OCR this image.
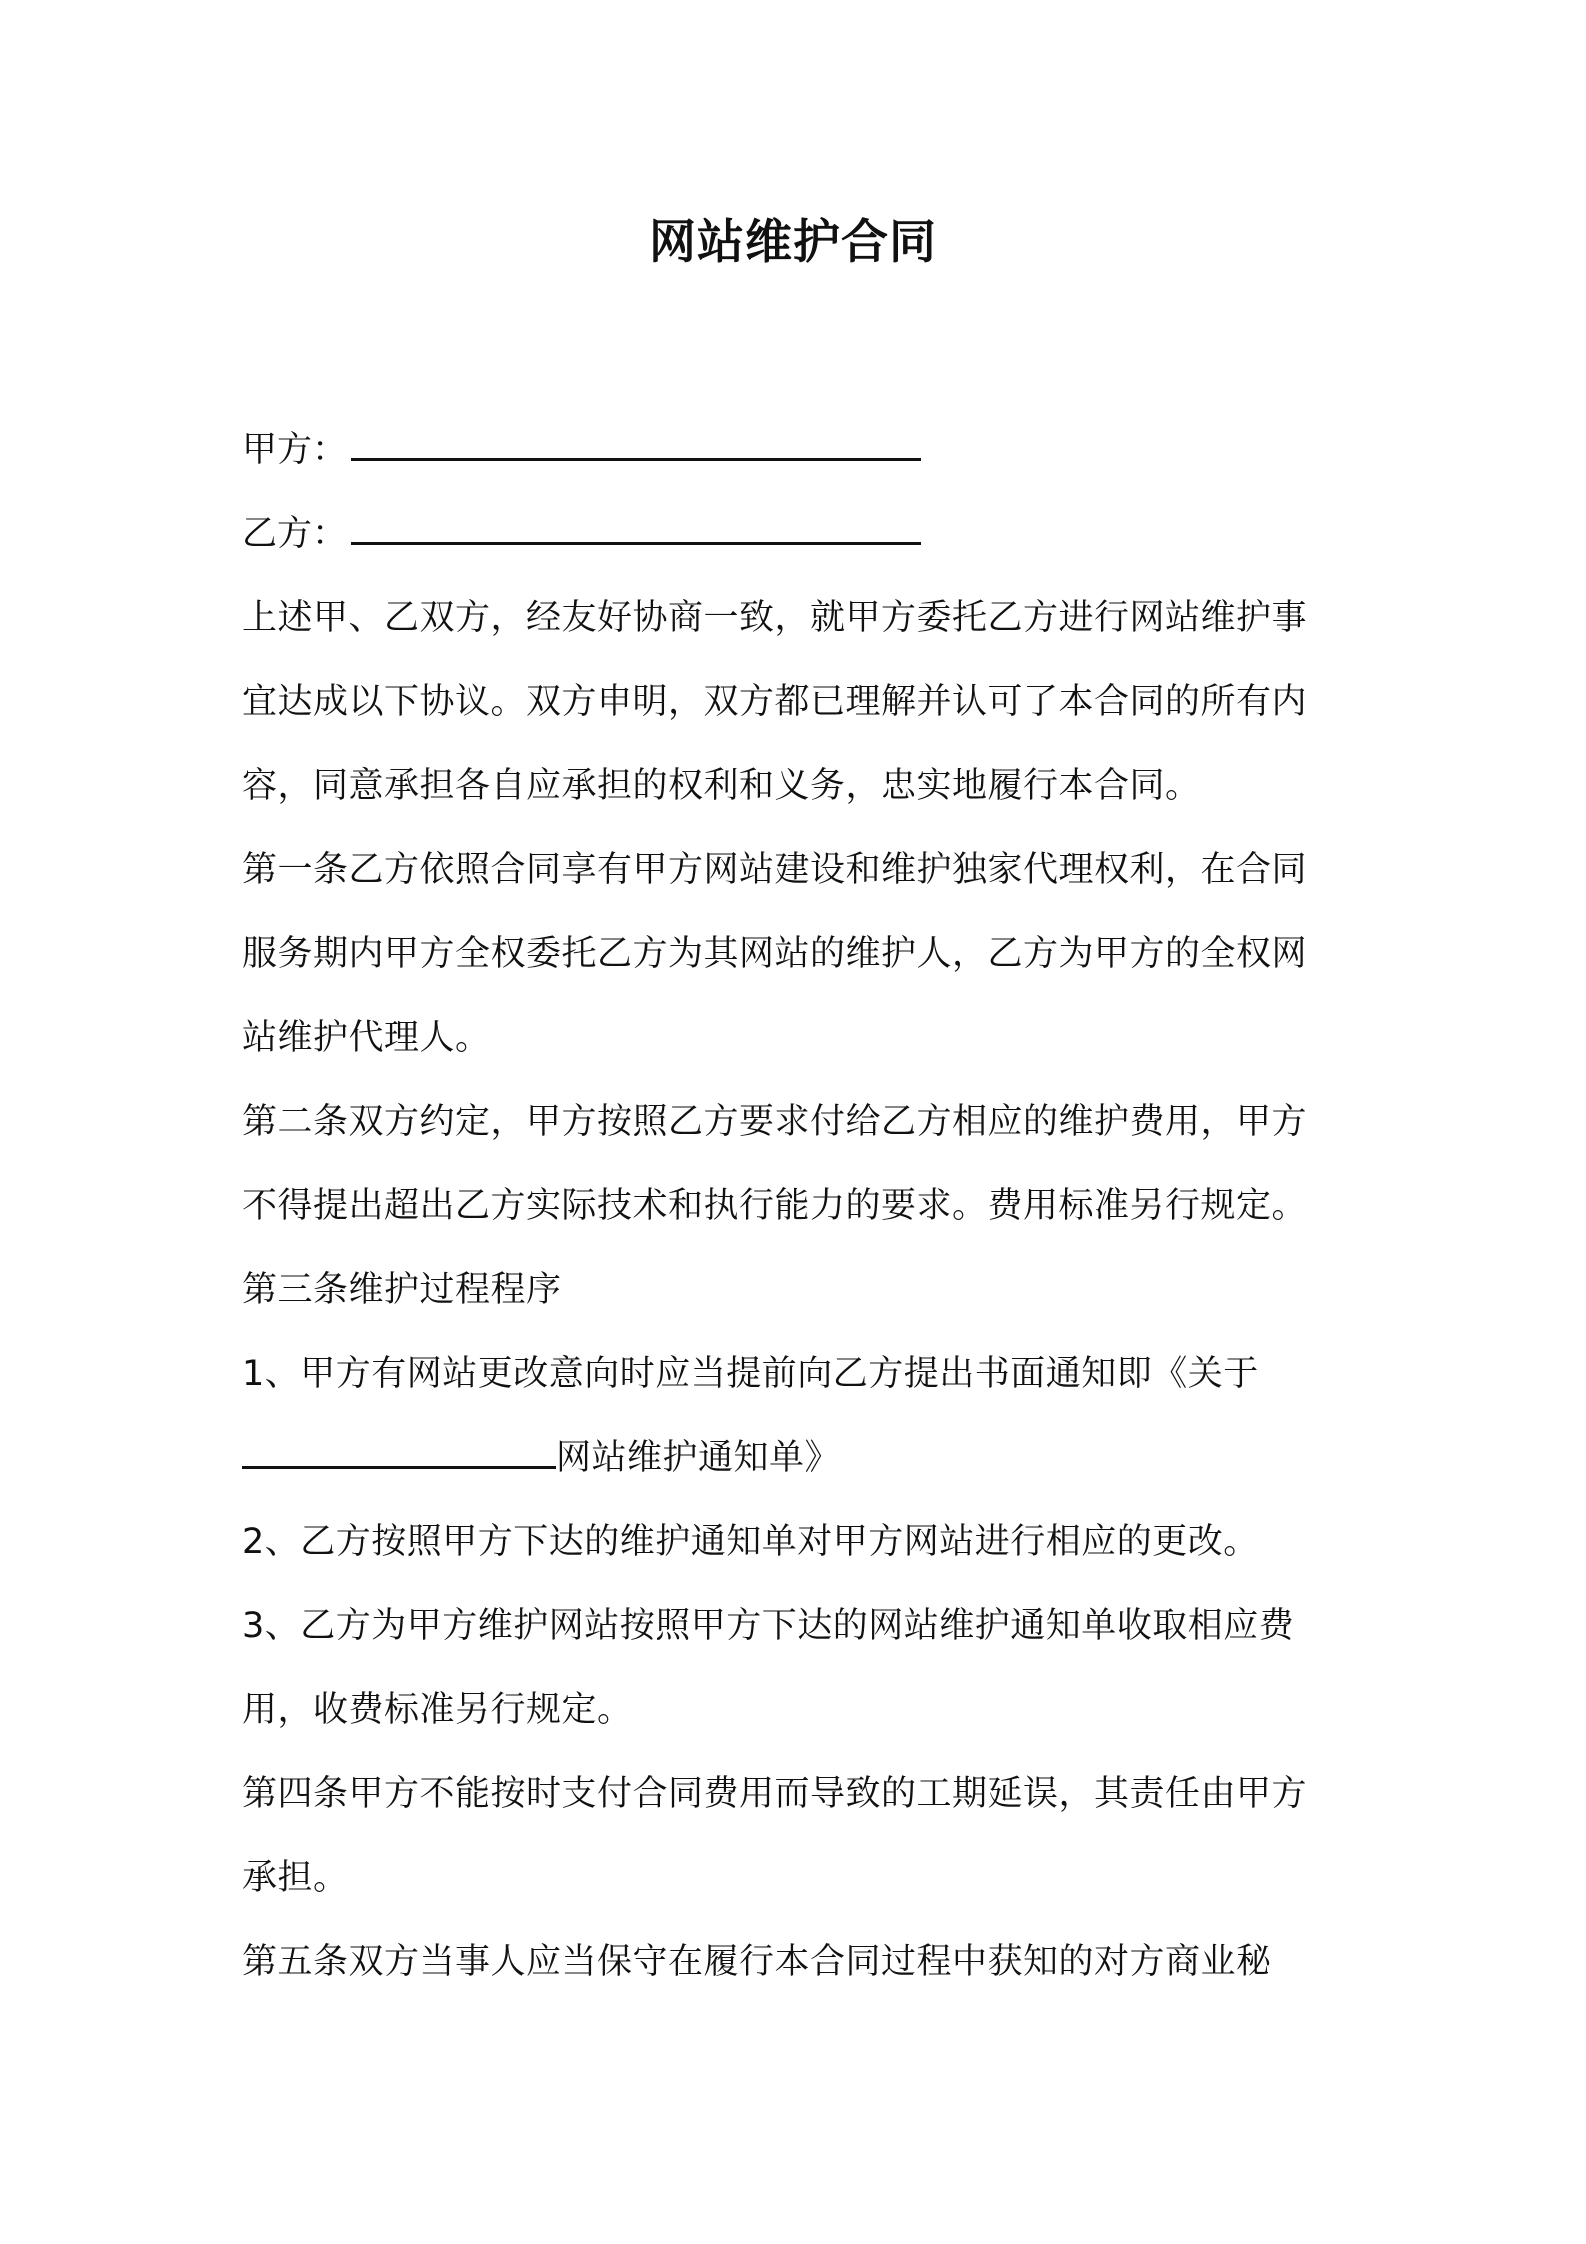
网站维护合同
甲方：
乙方：
上述甲、乙双方，经友好协商一致，就甲方委托乙方进行网站维护事
宜达成以下协议。双方申明，双方都已理解并认可了本合同的所有内
容，同意承担各自应承担的权利和义务，忠实地履行本合同。
第一条乙方依照合同享有甲方网站建设和维护独家代理权利，在合同
服务期内甲方全权委托乙方为其网站的维护人，乙方为甲方的全权网
站维护代理人。
第二条双方约定，甲方按照乙方要求付给乙方相应的维护费用，甲方
不得提出超出乙方实际技术和执行能力的要求。费用标准另行规定。
第三条维护过程程序
1、甲方有网站更改意向时应当提前向乙方提出书面通知即《关于
网站维护通知单》
2、乙方按照甲方下达的维护通知单对甲方网站进行相应的更改。
3、乙方为甲方维护网站按照甲方下达的网站维护通知单收取相应费
用，收费标准另行规定。
第四条甲方不能按时支付合同费用而导致的工期延误，其责任由甲方
承担。
第五条双方当事人应当保守在履行本合同过程中获知的对方商业秘
